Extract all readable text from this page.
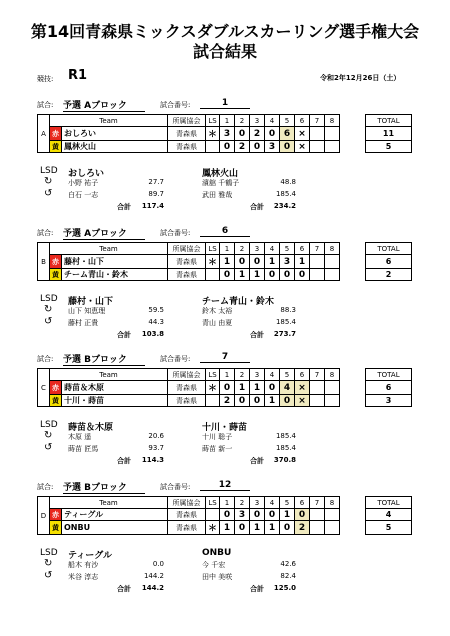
第14回青森県ミックスダブルスカーリング選手権大会
試合結果
競技: R1	令和2年12月26日（土）
試合: 予選 Aブロック	試合番号:	1
A	Team		所属協会	LS	1	2	3	4	5	6	7	8		TOTAL
	赤	おしろい	青森県	＊	3	0	2	0	6	×				11
	黄	鳳林火山	青森県		0	2	0	3	0	×				5
LSD おしろい	鳳林火山
↻ 小野 祐子	27.7	濱舘 千鶴子	48.8
↺ 白石 一志	89.7	武田 雅哉	185.4
合計	117.4	合計	234.2
試合: 予選 Aブロック	試合番号:	6
B	Team		所属協会	LS	1	2	3	4	5	6	7	8		TOTAL
	赤	藤村・山下	青森県	＊	1	0	0	1	3	1				6
	黄	チーム青山・鈴木	青森県		0	1	1	0	0	0				2
LSD 藤村・山下	チーム青山・鈴木
↻ 山下 知恵理	59.5	鈴木 太裕	88.3
↺ 藤村 正貴	44.3	青山 由夏	185.4
合計	103.8	合計	273.7
試合: 予選 Bブロック	試合番号:	7
C	Team		所属協会	LS	1	2	3	4	5	6	7	8		TOTAL
	赤	蒔苗＆木原	青森県	＊	0	1	1	0	4	×				6
	黄	十川・蒔苗	青森県		2	0	0	1	0	×				3
LSD 蒔苗＆木原	十川・蒔苗
↻ 木原 遥	20.6	十川 聡子	185.4
↺ 蒔苗 匠馬	93.7	蒔苗 新一	185.4
合計	114.3	合計	370.8
試合: 予選 Bブロック	試合番号:	12
D	Team		所属協会	LS	1	2	3	4	5	6	7	8		TOTAL
	赤	ティーグル	青森県		0	3	0	0	1	0				4
	黄	ONBU	青森県	＊	1	0	1	1	0	2				5
LSD ティーグル	ONBU
↻ 船木 有沙	0.0	今 千宏	42.6
↺ 米谷 淳志	144.2	田中 美咲	82.4
合計	144.2	合計	125.0
